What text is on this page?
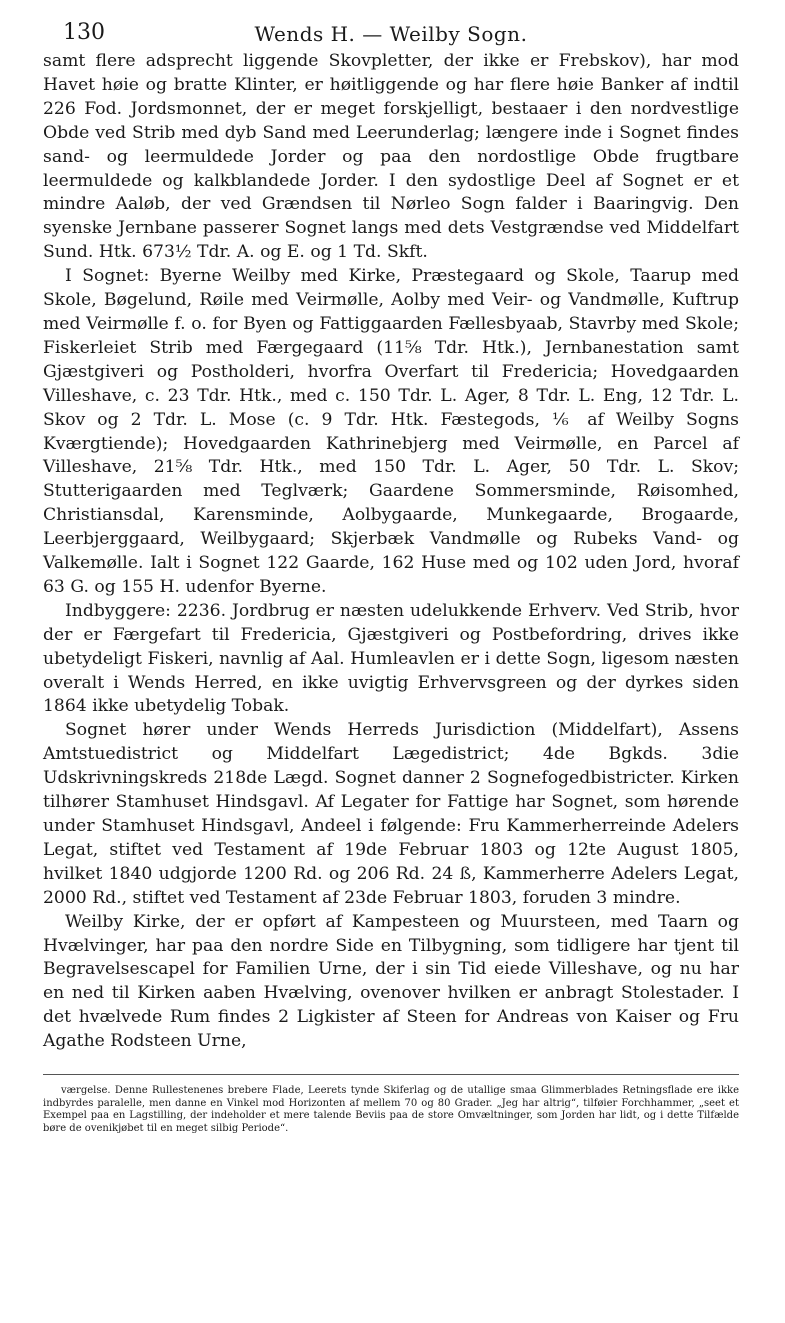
130	Wends H. — Weilby Sogn.

samt flere adsprecht liggende Skovpletter, der ikke er Frebskov), har mod Havet høie og bratte Klinter, er høitliggende og har flere høie Banker af indtil 226 Fod. Jordsmonnet, der er meget forskjelligt, bestaaer i den nordvestlige Obde ved Strib med dyb Sand med Leerunderlag; længere inde i Sognet findes sand- og leermuldede Jorder og paa den nordostlige Obde frugtbare leermuldede og kalkblandede Jorder. I den sydostlige Deel af Sognet er et mindre Aaløb, der ved Grændsen til Nørleo Sogn falder i Baaringvig. Den syenske Jernbane passerer Sognet langs med dets Vestgrændse ved Middelfart Sund. Htk. 673½ Tdr. A. og E. og 1 Td. Skft.

I Sognet: Byerne Weilby med Kirke, Præstegaard og Skole, Taarup med Skole, Bøgelund, Røile med Veirmølle, Aolby med Veir- og Vandmølle, Kuftrup med Veirmølle f. o. for Byen og Fattiggaarden Fællesbyaab, Stavrby med Skole; Fiskerleiet Strib med Færgegaard (11⅝ Tdr. Htk.), Jernbanestation samt Gjæstgiveri og Postholderi, hvorfra Overfart til Fredericia; Hovedgaarden Villeshave, c. 23 Tdr. Htk., med c. 150 Tdr. L. Ager, 8 Tdr. L. Eng, 12 Tdr. L. Skov og 2 Tdr. L. Mose (c. 9 Tdr. Htk. Fæstegods, ⅙ af Weilby Sogns Kværgtiende); Hovedgaarden Kathrinebjerg med Veirmølle, en Parcel af Villeshave, 21⅝ Tdr. Htk., med 150 Tdr. L. Ager, 50 Tdr. L. Skov; Stutterigaarden med Teglværk; Gaardene Sommersminde, Røisomhed, Christiansdal, Karensminde, Aolbygaarde, Munkegaarde, Brogaarde, Leerbjerggaard, Weilbygaard; Skjerbæk Vandmølle og Rubeks Vand- og Valkemølle. Ialt i Sognet 122 Gaarde, 162 Huse med og 102 uden Jord, hvoraf 63 G. og 155 H. udenfor Byerne.

Indbyggere: 2236. Jordbrug er næsten udelukkende Erhverv. Ved Strib, hvor der er Færgefart til Fredericia, Gjæstgiveri og Postbefordring, drives ikke ubetydeligt Fiskeri, navnlig af Aal. Humleavlen er i dette Sogn, ligesom næsten overalt i Wends Herred, en ikke uvigtig Erhvervsgreen og der dyrkes siden 1864 ikke ubetydelig Tobak.

Sognet hører under Wends Herreds Jurisdiction (Middelfart), Assens Amtstuedistrict og Middelfart Lægedistrict; 4de Bgkds. 3die Udskrivningskreds 218de Lægd. Sognet danner 2 Sognefogedbistricter. Kirken tilhører Stamhuset Hindsgavl. Af Legater for Fattige har Sognet, som hørende under Stamhuset Hindsgavl, Andeel i følgende: Fru Kammerherreinde Adelers Legat, stiftet ved Testament af 19de Februar 1803 og 12te August 1805, hvilket 1840 udgjorde 1200 Rd. og 206 Rd. 24 ß, Kammerherre Adelers Legat, 2000 Rd., stiftet ved Testament af 23de Februar 1803, foruden 3 mindre.

Weilby Kirke, der er opført af Kampesteen og Muursteen, med Taarn og Hvælvinger, har paa den nordre Side en Tilbygning, som tidligere har tjent til Begravelsescapel for Familien Urne, der i sin Tid eiede Villeshave, og nu har en ned til Kirken aaben Hvælving, ovenover hvilken er anbragt Stolestader. I det hvælvede Rum findes 2 Ligkister af Steen for Andreas von Kaiser og Fru Agathe Rodsteen Urne,

værgelse. Denne Rullestenenes brebere Flade, Leerets tynde Skiferlag og de utallige smaa Glimmerblades Retningsflade ere ikke indbyrdes paralelle, men danne en Vinkel mod Horizonten af mellem 70 og 80 Grader. „Jeg har altrig“, tilføier Forchhammer, „seet et Exempel paa en Lagstilling, der indeholder et mere talende Beviis paa de store Omvæltninger, som Jorden har lidt, og i dette Tilfælde børe de ovenikjøbet til en meget silbig Periode“.
